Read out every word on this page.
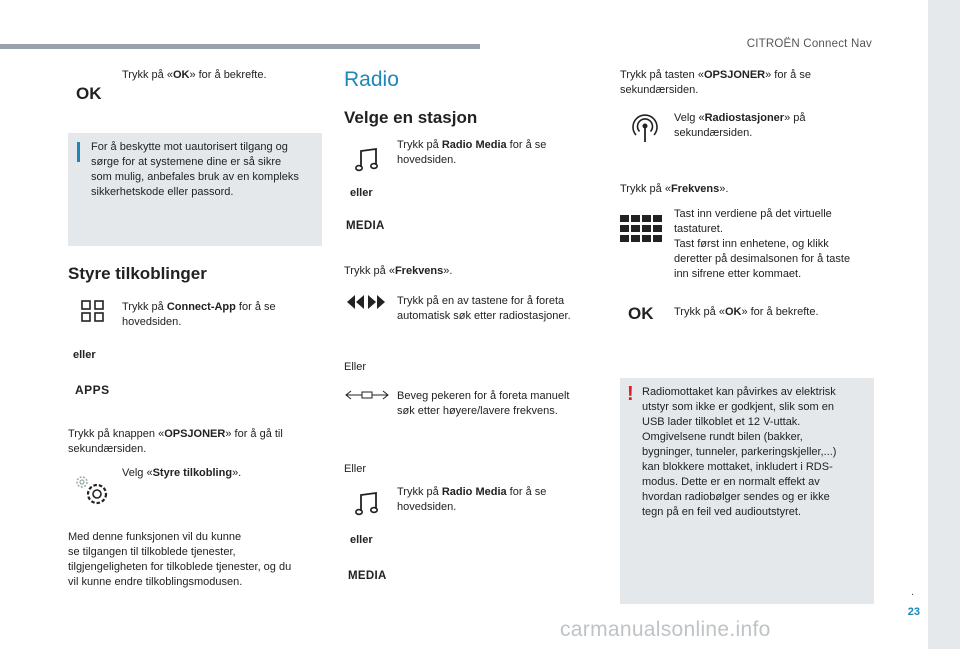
CITROËN Connect Nav
.
23
carmanualsonline.info
OK
Trykk på «OK» for å bekrefte.
For å beskytte mot uautorisert tilgang og
sørge for at systemene dine er så sikre
som mulig, anbefales bruk av en kompleks
sikkerhetskode eller passord.
Styre tilkoblinger
Trykk på Connect-App for å se
hovedsiden.
eller
APPS
Trykk på knappen «OPSJONER» for å gå til
sekundærsiden.
Velg «Styre tilkobling».
Med denne funksjonen vil du kunne
se tilgangen til tilkoblede tjenester,
tilgjengeligheten for tilkoblede tjenester, og du
vil kunne endre tilkoblingsmodusen.
Radio
Velge en stasjon
Trykk på Radio Media for å se
hovedsiden.
eller
MEDIA
Trykk på «Frekvens».
Trykk på en av tastene for å foreta
automatisk søk etter radiostasjoner.
Eller
Beveg pekeren for å foreta manuelt
søk etter høyere/lavere frekvens.
Eller
Trykk på Radio Media for å se
hovedsiden.
eller
MEDIA
Trykk på tasten «OPSJONER» for å se
sekundærsiden.
Velg «Radiostasjoner» på
sekundærsiden.
Trykk på «Frekvens».
Tast inn verdiene på det virtuelle
tastaturet.
Tast først inn enhetene, og klikk
deretter på desimalsonen for å taste
inn sifrene etter kommaet.
OK Trykk på «OK» for å bekrefte.
! Radiomottaket kan påvirkes av elektrisk
utstyr som ikke er godkjent, slik som en
USB lader tilkoblet et 12 V-uttak.
Omgivelsene rundt bilen (bakker,
bygninger, tunneler, parkeringskjeller,...)
kan blokkere mottaket, inkludert i RDS-
modus. Dette er en normalt effekt av
hvordan radiobølger sendes og er ikke
tegn på en feil ved audioutstyret.
